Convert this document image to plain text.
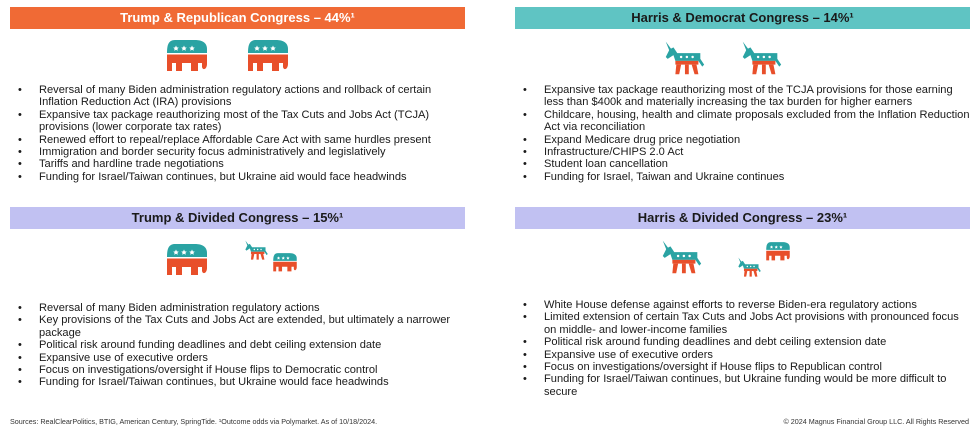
Trump & Republican Congress – 44%¹
• Reversal of many Biden administration regulatory actions and rollback of certain Inflation Reduction Act (IRA) provisions
• Expansive tax package reauthorizing most of the Tax Cuts and Jobs Act (TCJA) provisions (lower corporate tax rates)
• Renewed effort to repeal/replace Affordable Care Act with same hurdles present
• Immigration and border security focus administratively and legislatively
• Tariffs and hardline trade negotiations
• Funding for Israel/Taiwan continues, but Ukraine aid would face headwinds
Harris & Democrat Congress – 14%¹
• Expansive tax package reauthorizing most of the TCJA provisions for those earning less than $400k and materially increasing the tax burden for higher earners
• Childcare, housing, health and climate proposals excluded from the Inflation Reduction Act via reconciliation
• Expand Medicare drug price negotiation
• Infrastructure/CHIPS 2.0 Act
• Student loan cancellation
• Funding for Israel, Taiwan and Ukraine continues
Trump & Divided Congress – 15%¹
• Reversal of many Biden administration regulatory actions
• Key provisions of the Tax Cuts and Jobs Act are extended, but ultimately a narrower package
• Political risk around funding deadlines and debt ceiling extension date
• Expansive use of executive orders
• Focus on investigations/oversight if House flips to Democratic control
• Funding for Israel/Taiwan continues, but Ukraine would face headwinds
Harris & Divided Congress – 23%¹
• White House defense against efforts to reverse Biden-era regulatory actions
• Limited extension of certain Tax Cuts and Jobs Act provisions with pronounced focus on middle- and lower-income families
• Political risk around funding deadlines and debt ceiling extension date
• Expansive use of executive orders
• Focus on investigations/oversight if House flips to Republican control
• Funding for Israel/Taiwan continues, but Ukraine funding would be more difficult to secure
Sources: RealClearPolitics, BTIG, American Century, SpringTide. ¹Outcome odds via Polymarket. As of 10/18/2024.	© 2024 Magnus Financial Group LLC. All Rights Reserved
